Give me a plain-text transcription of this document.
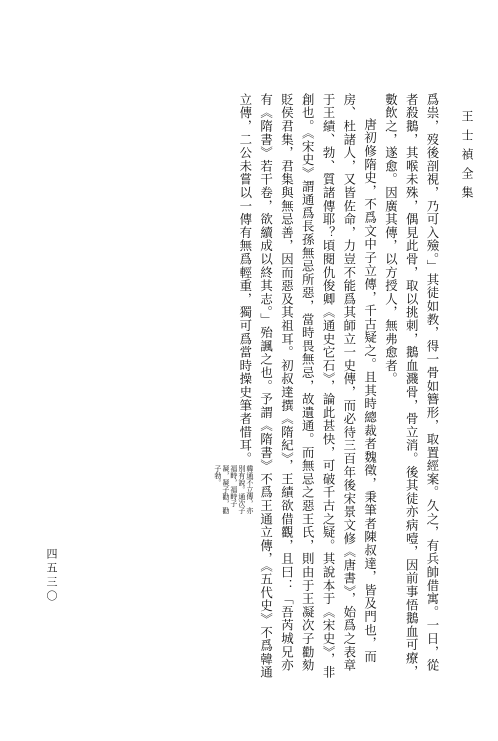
王士禎全集
四五三〇	爲祟，歿後剖視，乃可入殮。」其徒如教，得一骨如簪形，取置經案。久之，有兵帥借寓。一日，從者殺鵝，其喉未殊，偶見此骨，取以挑刺，鵝血濺骨，骨立消。後其徒亦病噎，因前事悟鵝血可療，數飲之，遂愈。因廣其傳，以方授人，無弗愈者。

唐初修隋史，不爲文中子立傳，千古疑之。且其時總裁者魏徵，秉筆者陳叔達，皆及門也，而房、杜諸人，又皆佐命，力豈不能爲其師立一史傳，而必待三百年後宋景文修《唐書》，始爲之表章于王績、勃、質諸傳耶？頃閱仇俊卿《通史它石》，論此甚快，可破千古之疑。其說本于《宋史》，非創也。《宋史》謂通爲長孫無忌所惡，當時畏無忌，故遺通。而無忌之惡王氏，則由于王凝次子勸劾貶侯君集，君集與無忌善，因而惡及其祖耳。初叔達撰《隋紀》，王績欲借觀，且曰：「吾芮城兄亦有《隋書》若干卷，欲續成以終其志。」殆諷之也。予謂《隋書》不爲王通立傳，《五代史》不爲韓通立傳，二公未嘗以一傳有無爲輕重，獨可爲當時操史筆者惜耳。韓通不立傳，亦別有說。通次子福畤，福畤子凝，凝子勸，勸子勃。
